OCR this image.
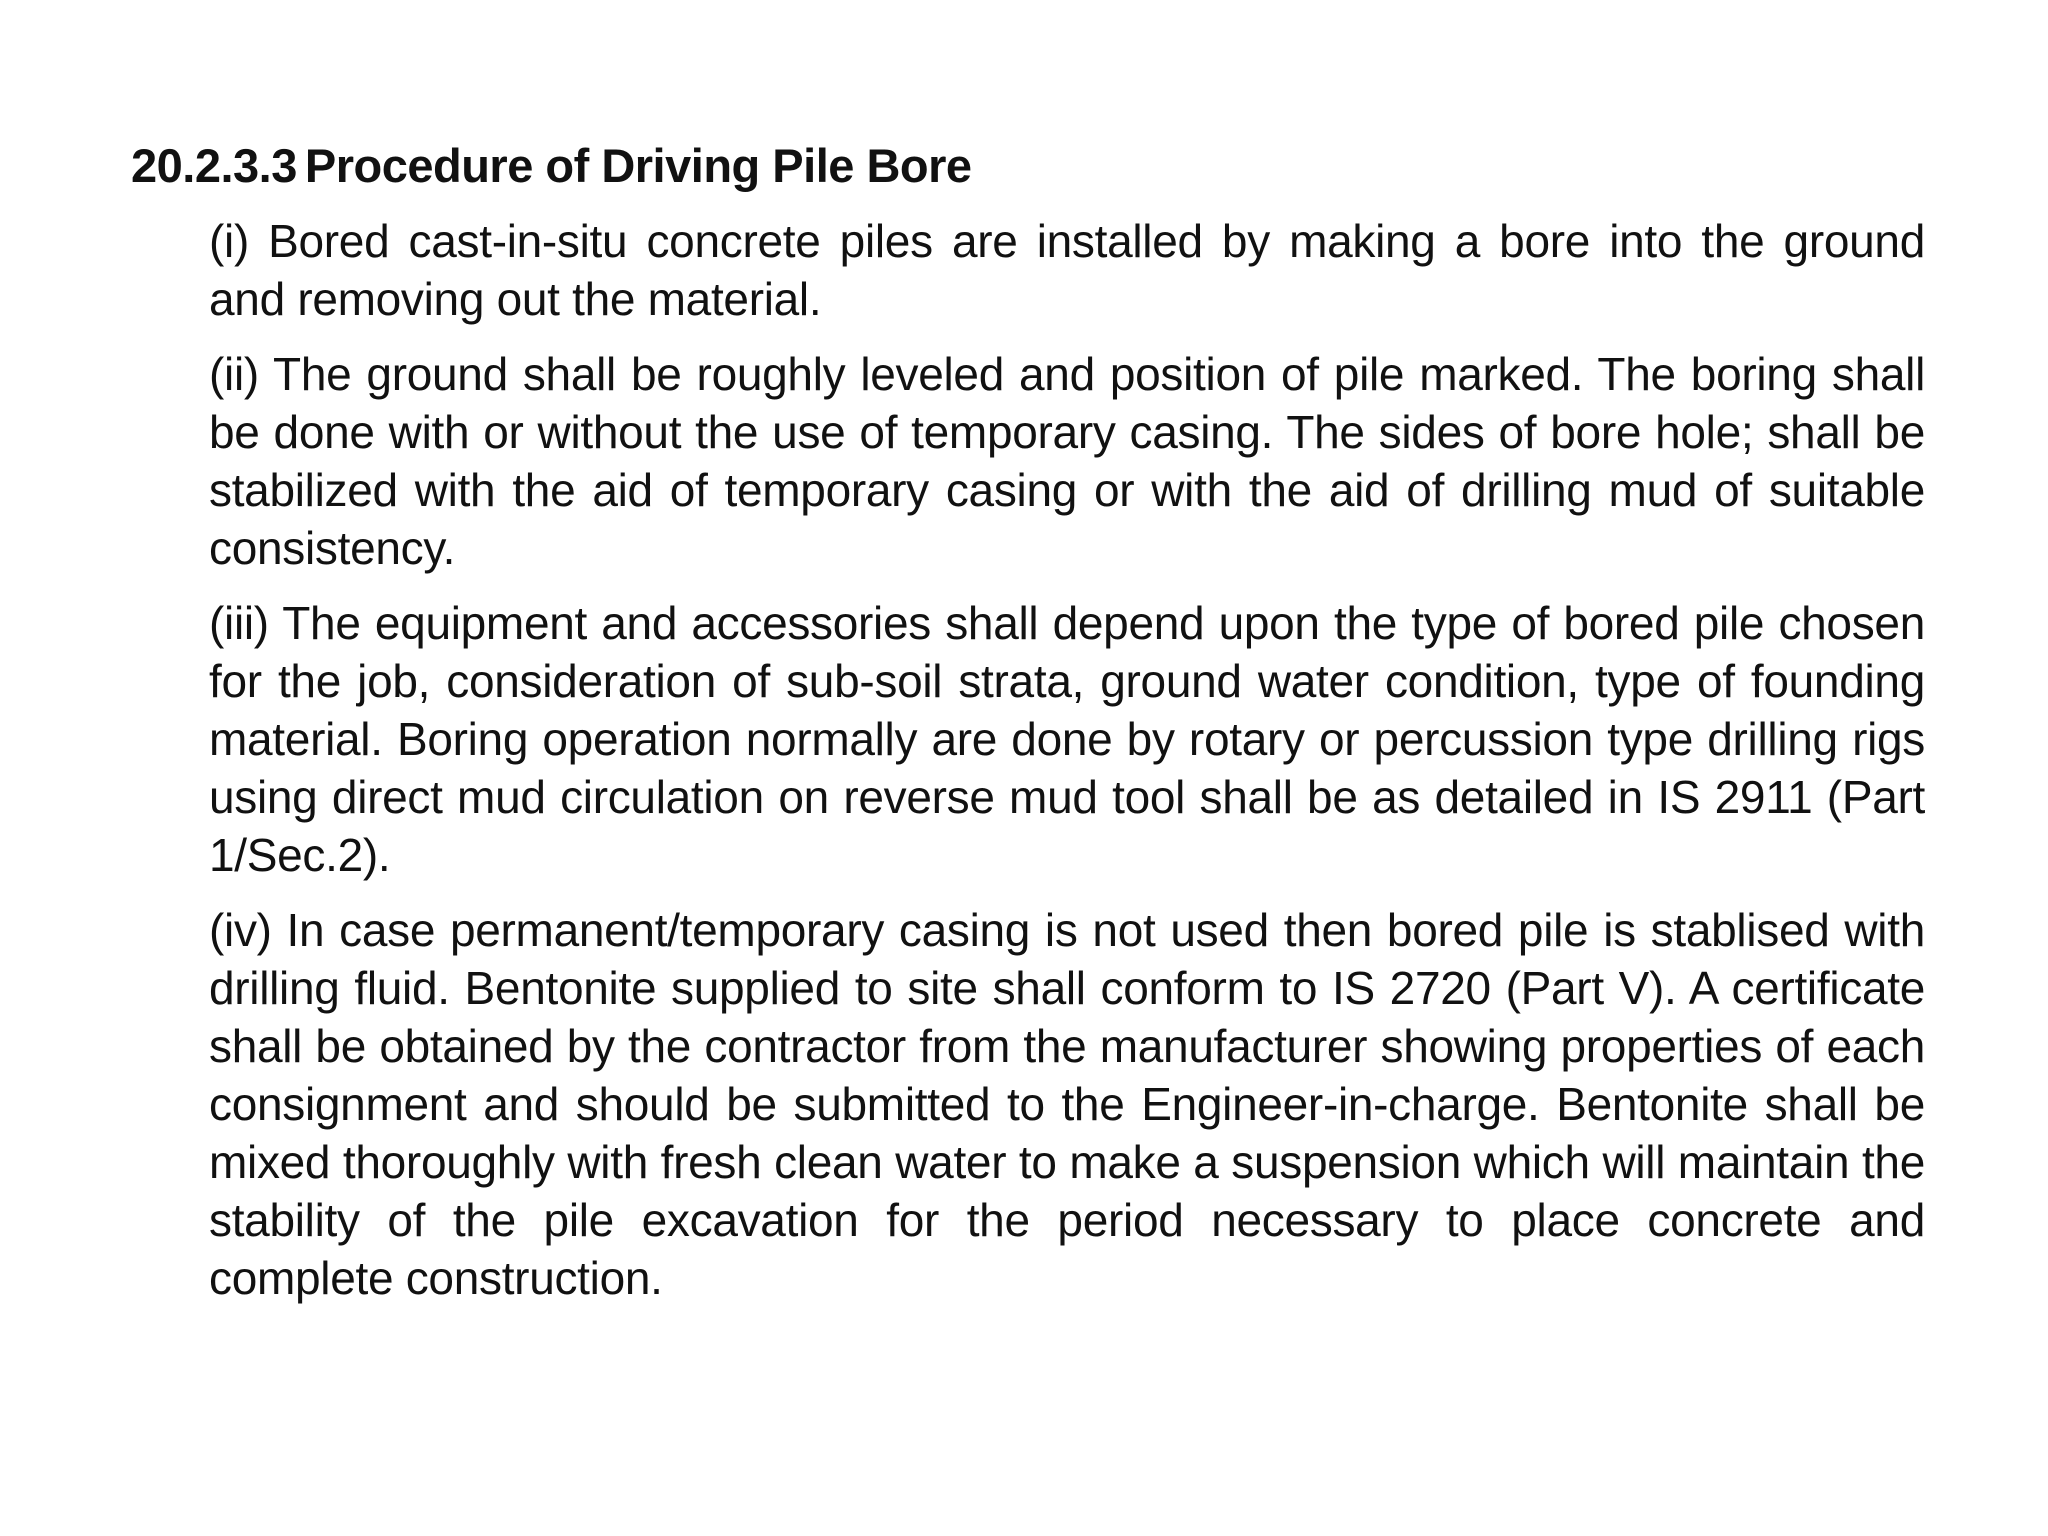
20.2.3.3 Procedure of Driving Pile Bore

(i) Bored cast-in-situ concrete piles are installed by making a bore into the ground and removing out the material.

(ii) The ground shall be roughly leveled and position of pile marked. The boring shall be done with or without the use of temporary casing. The sides of bore hole; shall be stabilized with the aid of temporary casing or with the aid of drilling mud of suitable consistency.

(iii) The equipment and accessories shall depend upon the type of bored pile chosen for the job, consideration of sub-soil strata, ground water condition, type of founding material. Boring operation normally are done by rotary or percussion type drilling rigs using direct mud circulation on reverse mud tool shall be as detailed in IS 2911 (Part 1/Sec.2).

(iv) In case permanent/temporary casing is not used then bored pile is stablised with drilling fluid. Bentonite supplied to site shall conform to IS 2720 (Part V). A certificate shall be obtained by the contractor from the manufacturer showing properties of each consignment and should be submitted to the Engineer-in-charge. Bentonite shall be mixed thoroughly with fresh clean water to make a suspension which will maintain the stability of the pile excavation for the period necessary to place concrete and complete construction.
